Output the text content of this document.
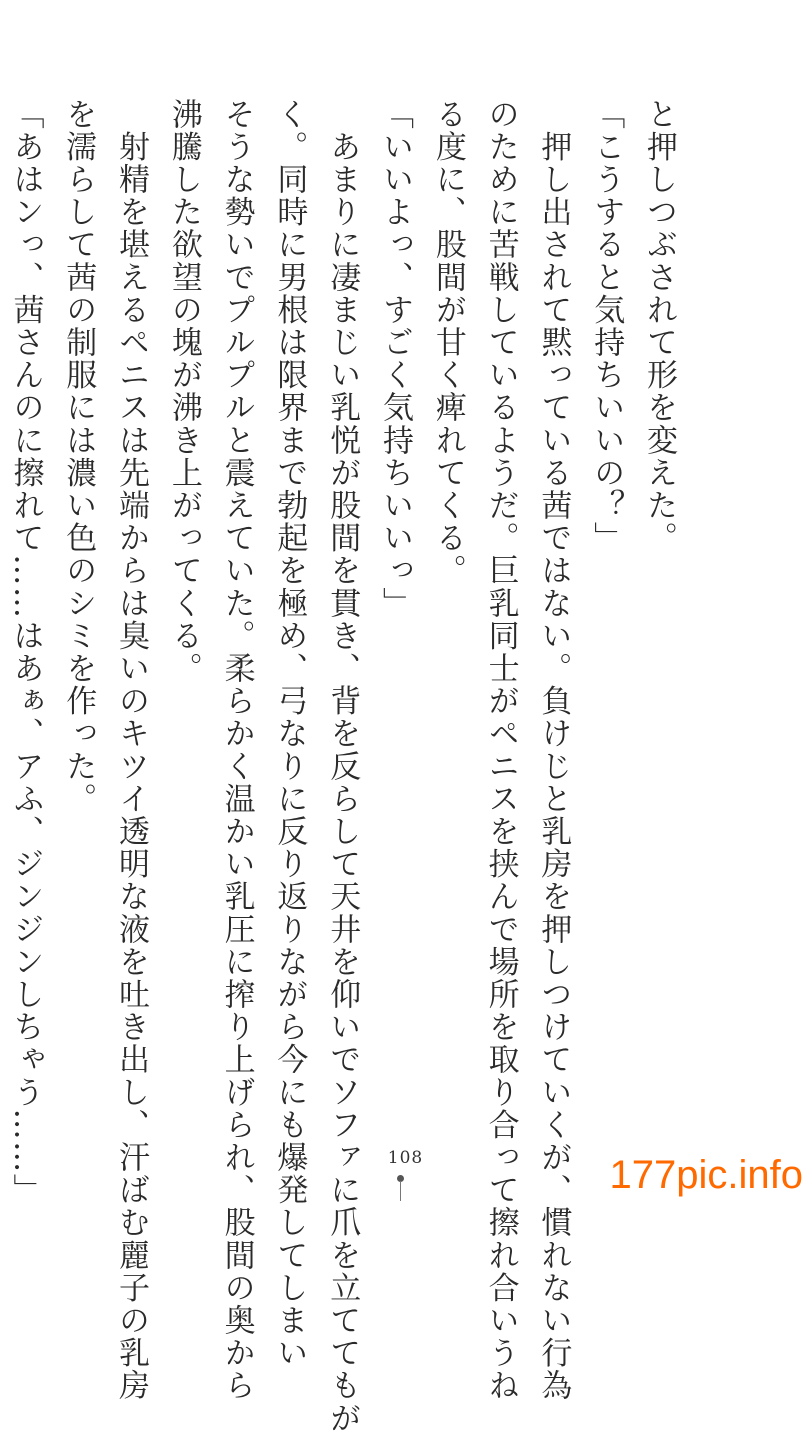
と押しつぶされて形を変えた。
「こうすると気持ちいいの？」
　押し出されて黙っている茜ではない。負けじと乳房を押しつけていくが、慣れない行為
のために苦戦しているようだ。巨乳同士がペニスを挟んで場所を取り合って擦れ合いうね
る度に、股間が甘く痺れてくる。
「いいよっ、すごく気持ちいいっ」
　あまりに凄まじい乳悦が股間を貫き、背を反らして天井を仰いでソファに爪を立ててもが
く。同時に男根は限界まで勃起を極め、弓なりに反り返りながら今にも爆発してしまい
そうな勢いでプルプルと震えていた。柔らかく温かい乳圧に搾り上げられ、股間の奥から
沸騰した欲望の塊が沸き上がってくる。
　射精を堪えるペニスは先端からは臭いのキツイ透明な液を吐き出し、汗ばむ麗子の乳房
を濡らして茜の制服には濃い色のシミを作った。
「あはンっ、茜さんのに擦れて……はあぁ、アふ、ジンジンしちゃう……」	108	177pic.info
